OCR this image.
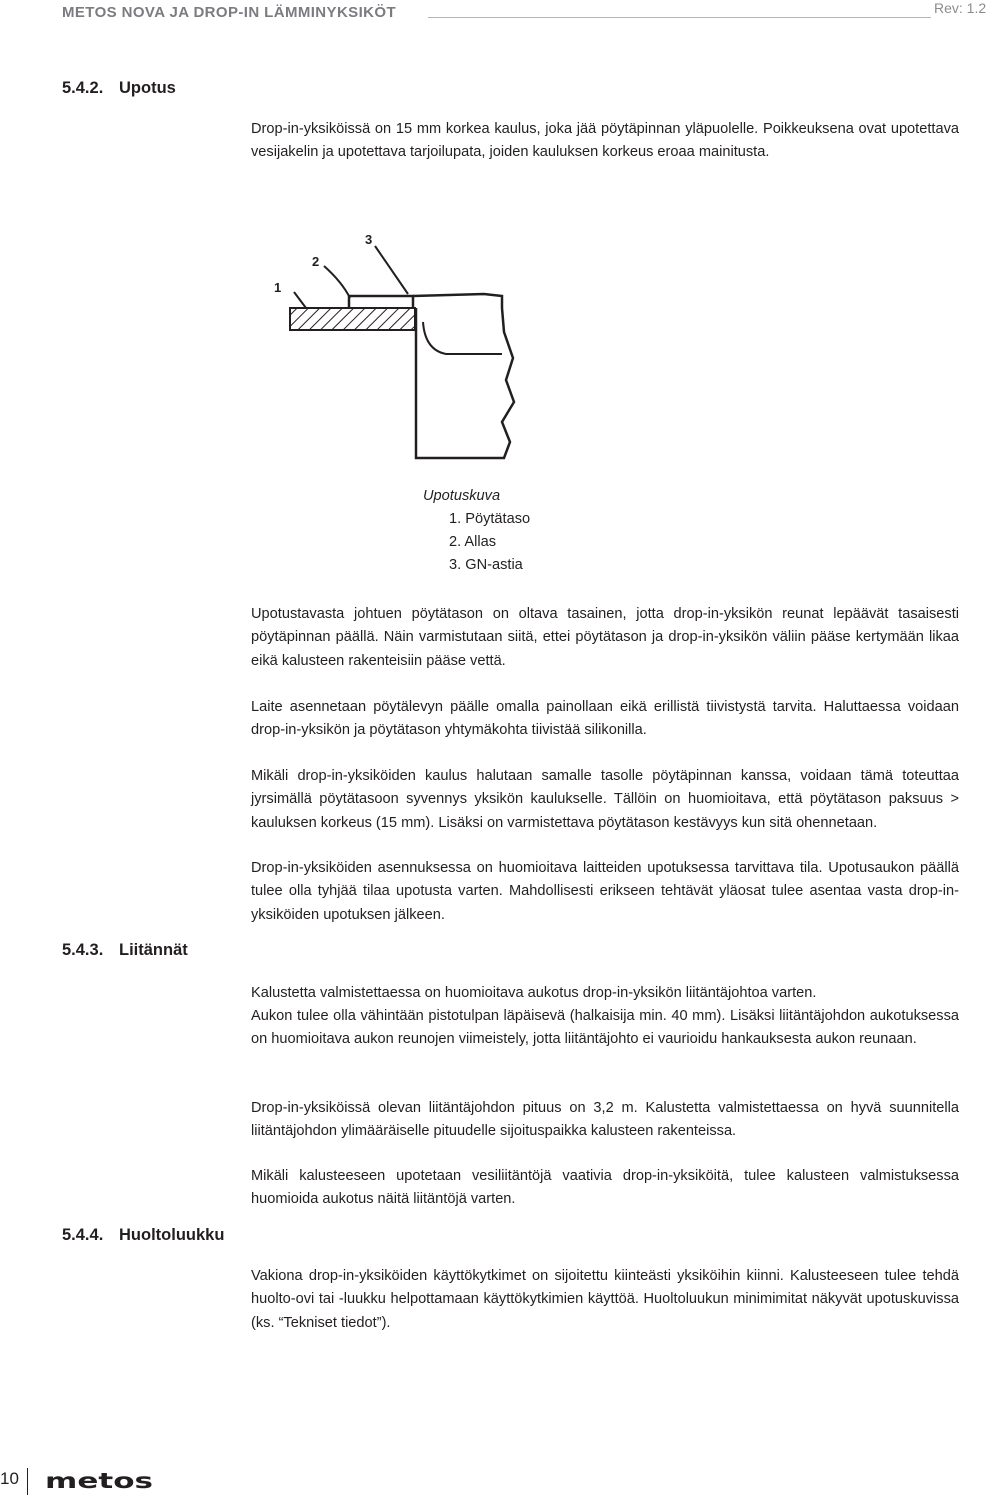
METOS NOVA JA DROP-IN LÄMMINYKSIKÖT	Rev: 1.2
5.4.2. Upotus
Drop-in-yksiköissä on 15 mm korkea kaulus, joka jää pöytäpinnan yläpuolelle. Poikkeuksena ovat upotettava vesijakelin ja upotettava tarjoilupata, joiden kauluksen korkeus eroaa mainitusta.
1
2
3
Upotuskuva
1. Pöytätaso
2. Allas
3. GN-astia
Upotustavasta johtuen pöytätason on oltava tasainen, jotta drop-in-yksikön reunat lepäävät tasaisesti pöytäpinnan päällä. Näin varmistutaan siitä, ettei pöytätason ja drop-in-yksikön väliin pääse kertymään likaa eikä kalusteen rakenteisiin pääse vettä.
Laite asennetaan pöytälevyn päälle omalla painollaan eikä erillistä tiivistystä tarvita. Haluttaessa voidaan drop-in-yksikön ja pöytätason yhtymäkohta tiivistää silikonilla.
Mikäli drop-in-yksiköiden kaulus halutaan samalle tasolle pöytäpinnan kanssa, voidaan tämä toteuttaa jyrsimällä pöytätasoon syvennys yksikön kaulukselle. Tällöin on huomioitava, että pöytätason paksuus > kauluksen korkeus (15 mm). Lisäksi on varmistettava pöytätason kestävyys kun sitä ohennetaan.
Drop-in-yksiköiden asennuksessa on huomioitava laitteiden upotuksessa tarvittava tila. Upotusaukon päällä tulee olla tyhjää tilaa upotusta varten. Mahdollisesti erikseen tehtävät yläosat tulee asentaa vasta drop-in-yksiköiden upotuksen jälkeen.
5.4.3. Liitännät
Kalustetta valmistettaessa on huomioitava aukotus drop-in-yksikön liitäntäjohtoa varten.
Aukon tulee olla vähintään pistotulpan läpäisevä (halkaisija min. 40 mm). Lisäksi liitäntäjohdon aukotuksessa on huomioitava aukon reunojen viimeistely, jotta liitäntäjohto ei vaurioidu hankauksesta aukon reunaan.
Drop-in-yksiköissä olevan liitäntäjohdon pituus on 3,2 m. Kalustetta valmistettaessa on hyvä suunnitella liitäntäjohdon ylimääräiselle pituudelle sijoituspaikka kalusteen rakenteissa.
Mikäli kalusteeseen upotetaan vesiliitäntöjä vaativia drop-in-yksiköitä, tulee kalusteen valmistuksessa huomioida aukotus näitä liitäntöjä varten.
5.4.4. Huoltoluukku
Vakiona drop-in-yksiköiden käyttökytkimet on sijoitettu kiinteästi yksiköihin kiinni. Kalusteeseen tulee tehdä huolto-ovi tai -luukku helpottamaan käyttökytkimien käyttöä. Huoltoluukun minimimitat näkyvät upotuskuvissa (ks. “Tekniset tiedot”).
10 metos
